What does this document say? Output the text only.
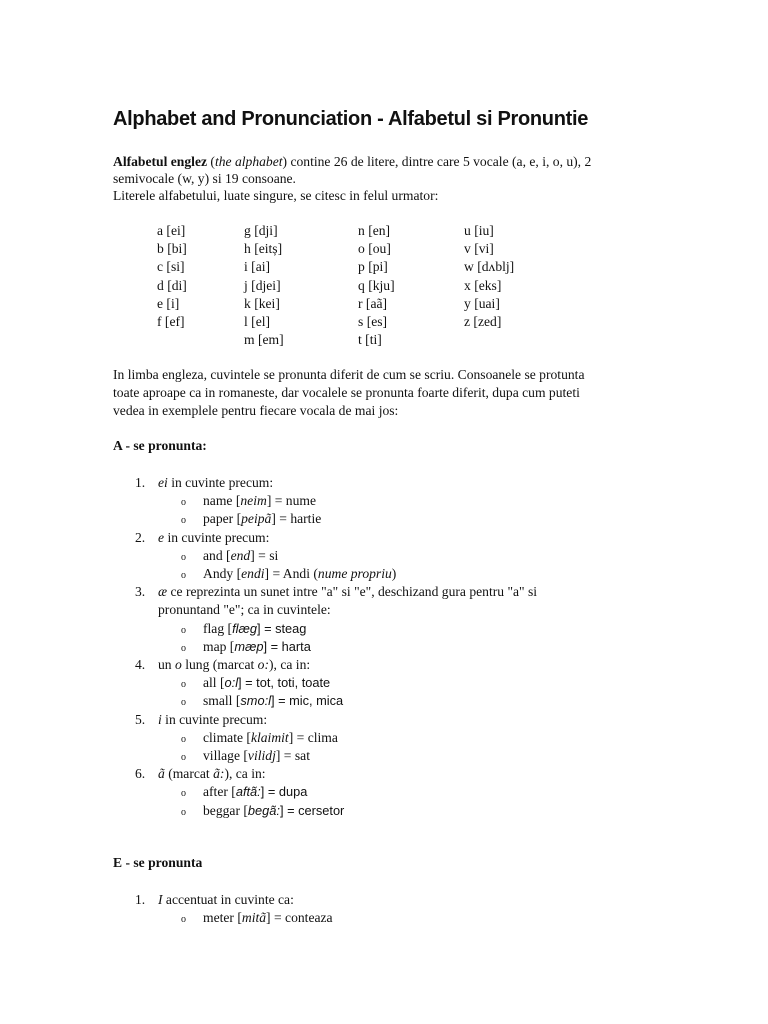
Alphabet and Pronunciation - Alfabetul si Pronuntie
Alfabetul englez (the alphabet) contine 26 de litere, dintre care 5 vocale (a, e, i, o, u), 2
semivocale (w, y) si 19 consoane.
Literele alfabetului, luate singure, se citesc in felul urmator:
a [ei]
b [bi]
c [si]
d [di]
e [i]
f [ef]
g [dji]
h [eitș]
i [ai]
j [djei]
k [kei]
l [el]
m [em]
n [en]
o [ou]
p [pi]
q [kju]
r [aã]
s [es]
t [ti]
u [iu]
v [vi]
w [dʌblj]
x [eks]
y [uai]
z [zed]
In limba engleza, cuvintele se pronunta diferit de cum se scriu. Consoanele se protunta
toate aproape ca in romaneste, dar vocalele se pronunta foarte diferit, dupa cum puteti
vedea in exemplele pentru fiecare vocala de mai jos:
A - se pronunta:
1. ei in cuvinte precum:
o name [neim] = nume
o paper [peipã] = hartie
2. e in cuvinte precum:
o and [end] = si
o Andy [endi] = Andi (nume propriu)
3. æ ce reprezinta un sunet intre "a" si "e", deschizand gura pentru "a" si
pronuntand "e"; ca in cuvintele:
o flag [flæg] = steag
o map [mæp] = harta
4. un o lung (marcat o:), ca in:
o all [o:l] = tot, toti, toate
o small [smo:l] = mic, mica
5. i in cuvinte precum:
o climate [klaimit] = clima
o village [vilidj] = sat
6. ã (marcat ã:), ca in:
o after [aftã:] = dupa
o beggar [begã:] = cersetor
E - se pronunta
1. I accentuat in cuvinte ca:
o meter [mitã] = conteaza
